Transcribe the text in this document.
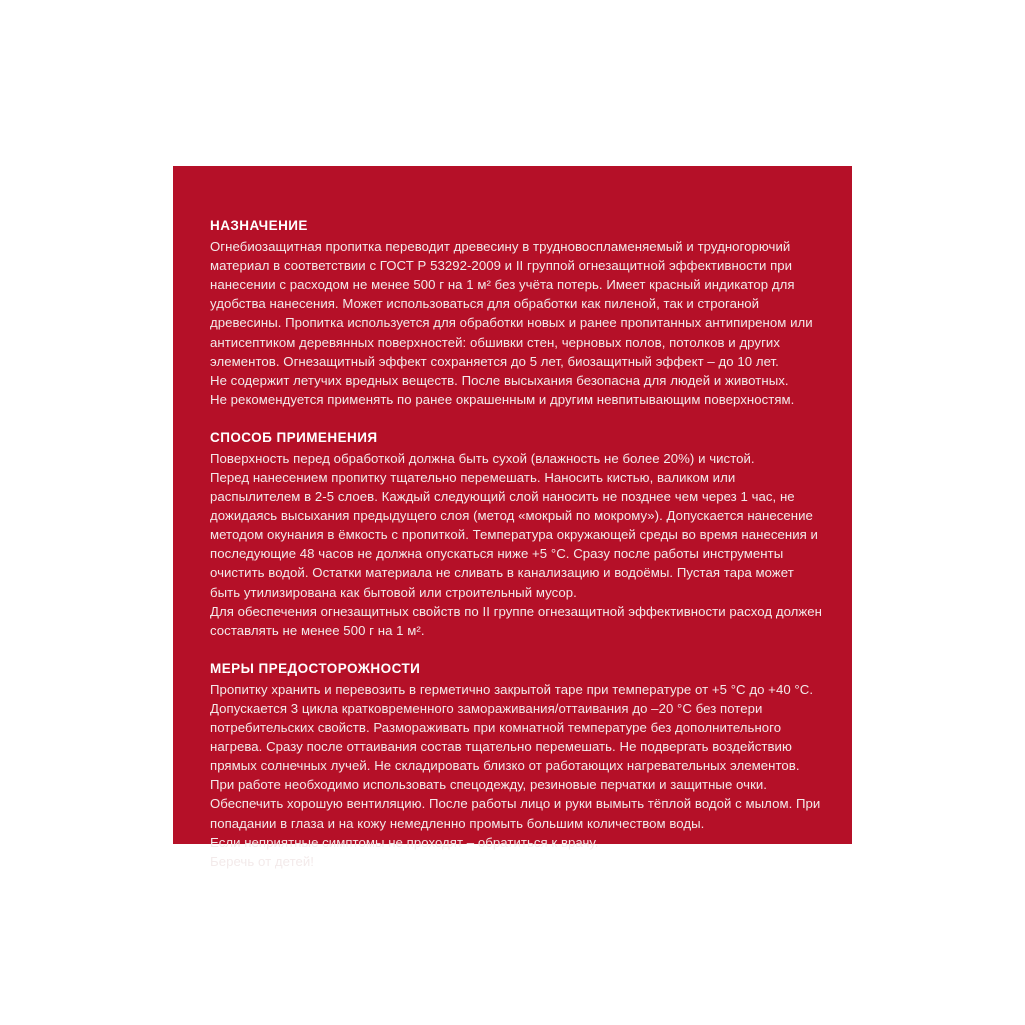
НАЗНАЧЕНИЕ

Огнебиозащитная пропитка переводит древесину в трудновоспламеняемый и трудногорючий материал в соответствии с ГОСТ Р 53292-2009 и II группой огнезащитной эффективности при нанесении с расходом не менее 500 г на 1 м² без учёта потерь. Имеет красный индикатор для удобства нанесения. Может использоваться для обработки как пиленой, так и строганой древесины. Пропитка используется для обработки новых и ранее пропитанных антипиреном или антисептиком деревянных поверхностей: обшивки стен, черновых полов, потолков и других элементов. Огнезащитный эффект сохраняется до 5 лет, биозащитный эффект – до 10 лет.

Не содержит летучих вредных веществ. После высыхания безопасна для людей и животных.

Не рекомендуется применять по ранее окрашенным и другим невпитывающим поверхностям.

СПОСОБ ПРИМЕНЕНИЯ

Поверхность перед обработкой должна быть сухой (влажность не более 20%) и чистой.

Перед нанесением пропитку тщательно перемешать. Наносить кистью, валиком или распылителем в 2-5 слоев. Каждый следующий слой наносить не позднее чем через 1 час, не дожидаясь высыхания предыдущего слоя (метод «мокрый по мокрому»). Допускается нанесение методом окунания в ёмкость с пропиткой. Температура окружающей среды во время нанесения и последующие 48 часов не должна опускаться ниже +5 °С. Сразу после работы инструменты очистить водой. Остатки материала не сливать в канализацию и водоёмы. Пустая тара может быть утилизирована как бытовой или строительный мусор.

Для обеспечения огнезащитных свойств по II группе огнезащитной эффективности расход должен составлять не менее 500 г на 1 м².

МЕРЫ ПРЕДОСТОРОЖНОСТИ

Пропитку хранить и перевозить в герметично закрытой таре при температуре от +5 °С до +40 °С. Допускается 3 цикла кратковременного замораживания/оттаивания до –20 °С без потери потребительских свойств. Размораживать при комнатной температуре без дополнительного нагрева. Сразу после оттаивания состав тщательно перемешать. Не подвергать воздействию прямых солнечных лучей. Не складировать близко от работающих нагревательных элементов. При работе необходимо использовать спецодежду, резиновые перчатки и защитные очки. Обеспечить хорошую вентиляцию. После работы лицо и руки вымыть тёплой водой с мылом. При попадании в глаза и на кожу немедленно промыть большим количеством воды.

Если неприятные симптомы не проходят – обратиться к врачу.

Беречь от детей!
